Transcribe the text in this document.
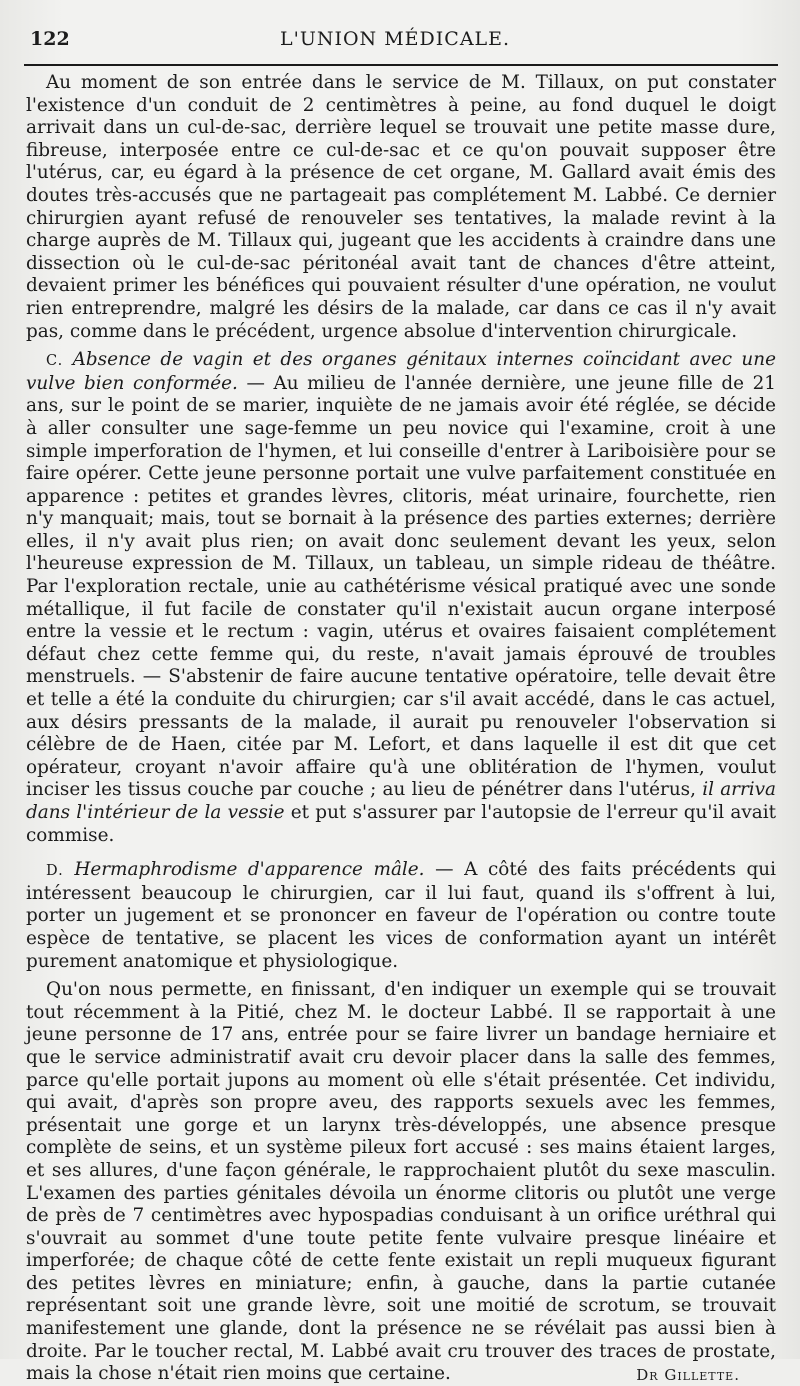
122	L'UNION MÉDICALE.

Au moment de son entrée dans le service de M. Tillaux, on put constater l'existence d'un conduit de 2 centimètres à peine, au fond duquel le doigt arrivait dans un cul-de-sac, derrière lequel se trouvait une petite masse dure, fibreuse, interposée entre ce cul-de-sac et ce qu'on pouvait supposer être l'utérus, car, eu égard à la présence de cet organe, M. Gallard avait émis des doutes très-accusés que ne partageait pas complétement M. Labbé. Ce dernier chirurgien ayant refusé de renouveler ses tentatives, la malade revint à la charge auprès de M. Tillaux qui, jugeant que les accidents à craindre dans une dissection où le cul-de-sac péritonéal avait tant de chances d'être atteint, devaient primer les bénéfices qui pouvaient résulter d'une opération, ne voulut rien entreprendre, malgré les désirs de la malade, car dans ce cas il n'y avait pas, comme dans le précédent, urgence absolue d'intervention chirurgicale.

C. Absence de vagin et des organes génitaux internes coïncidant avec une vulve bien conformée. — Au milieu de l'année dernière, une jeune fille de 21 ans, sur le point de se marier, inquiète de ne jamais avoir été réglée, se décide à aller consulter une sage-femme un peu novice qui l'examine, croit à une simple imperforation de l'hymen, et lui conseille d'entrer à Lariboisière pour se faire opérer. Cette jeune personne portait une vulve parfaitement constituée en apparence : petites et grandes lèvres, clitoris, méat urinaire, fourchette, rien n'y manquait; mais, tout se bornait à la présence des parties externes; derrière elles, il n'y avait plus rien; on avait donc seulement devant les yeux, selon l'heureuse expression de M. Tillaux, un tableau, un simple rideau de théâtre. Par l'exploration rectale, unie au cathétérisme vésical pratiqué avec une sonde métallique, il fut facile de constater qu'il n'existait aucun organe interposé entre la vessie et le rectum : vagin, utérus et ovaires faisaient complétement défaut chez cette femme qui, du reste, n'avait jamais éprouvé de troubles menstruels. — S'abstenir de faire aucune tentative opératoire, telle devait être et telle a été la conduite du chirurgien; car s'il avait accédé, dans le cas actuel, aux désirs pressants de la malade, il aurait pu renouveler l'observation si célèbre de de Haen, citée par M. Lefort, et dans laquelle il est dit que cet opérateur, croyant n'avoir affaire qu'à une oblitération de l'hymen, voulut inciser les tissus couche par couche ; au lieu de pénétrer dans l'utérus, il arriva dans l'intérieur de la vessie et put s'assurer par l'autopsie de l'erreur qu'il avait commise.

D. Hermaphrodisme d'apparence mâle. — A côté des faits précédents qui intéressent beaucoup le chirurgien, car il lui faut, quand ils s'offrent à lui, porter un jugement et se prononcer en faveur de l'opération ou contre toute espèce de tentative, se placent les vices de conformation ayant un intérêt purement anatomique et physiologique.

Qu'on nous permette, en finissant, d'en indiquer un exemple qui se trouvait tout récemment à la Pitié, chez M. le docteur Labbé. Il se rapportait à une jeune personne de 17 ans, entrée pour se faire livrer un bandage herniaire et que le service administratif avait cru devoir placer dans la salle des femmes, parce qu'elle portait jupons au moment où elle s'était présentée. Cet individu, qui avait, d'après son propre aveu, des rapports sexuels avec les femmes, présentait une gorge et un larynx très-développés, une absence presque complète de seins, et un système pileux fort accusé : ses mains étaient larges, et ses allures, d'une façon générale, le rapprochaient plutôt du sexe masculin. L'examen des parties génitales dévoila un énorme clitoris ou plutôt une verge de près de 7 centimètres avec hypospadias conduisant à un orifice uréthral qui s'ouvrait au sommet d'une toute petite fente vulvaire presque linéaire et imperforée; de chaque côté de cette fente existait un repli muqueux figurant des petites lèvres en miniature; enfin, à gauche, dans la partie cutanée représentant soit une grande lèvre, soit une moitié de scrotum, se trouvait manifestement une glande, dont la présence ne se révélait pas aussi bien à droite. Par le toucher rectal, M. Labbé avait cru trouver des traces de prostate, mais la chose n'était rien moins que certaine.	Dr Gillette.
